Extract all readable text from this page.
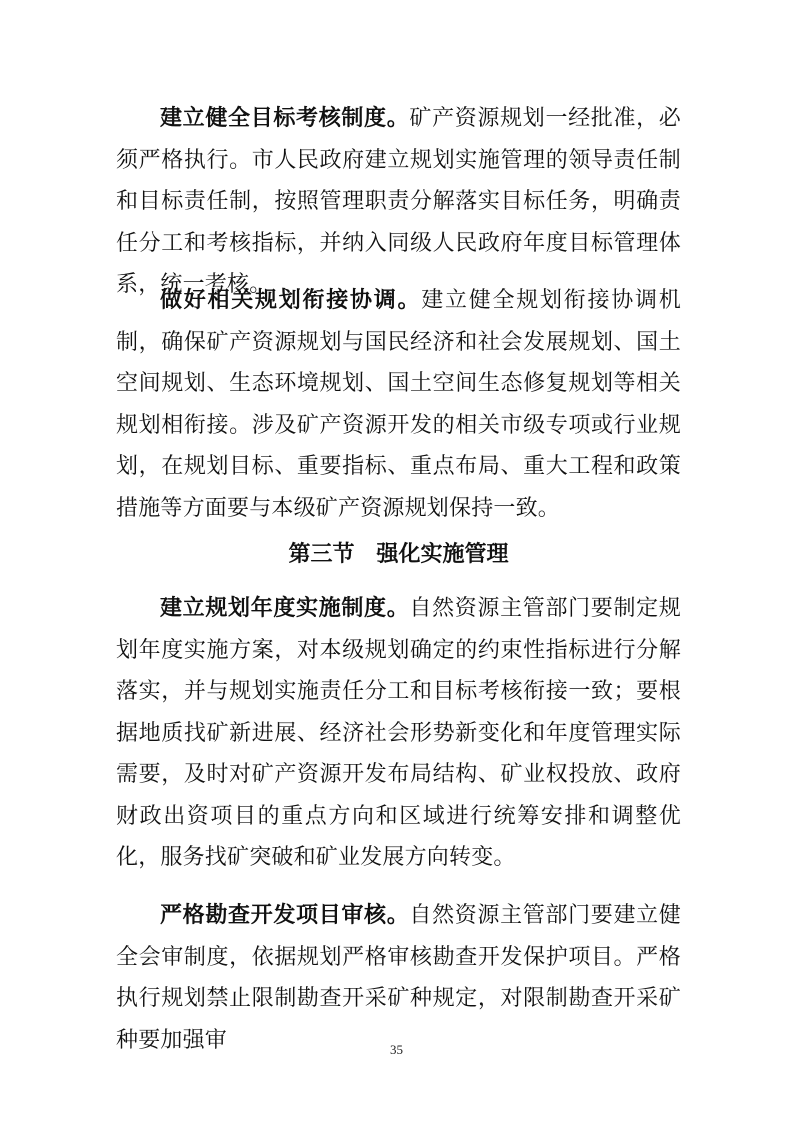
建立健全目标考核制度。矿产资源规划一经批准，必须严格执行。市人民政府建立规划实施管理的领导责任制和目标责任制，按照管理职责分解落实目标任务，明确责任分工和考核指标，并纳入同级人民政府年度目标管理体系，统一考核。

做好相关规划衔接协调。建立健全规划衔接协调机制，确保矿产资源规划与国民经济和社会发展规划、国土空间规划、生态环境规划、国土空间生态修复规划等相关规划相衔接。涉及矿产资源开发的相关市级专项或行业规划，在规划目标、重要指标、重点布局、重大工程和政策措施等方面要与本级矿产资源规划保持一致。

第三节 强化实施管理

建立规划年度实施制度。自然资源主管部门要制定规划年度实施方案，对本级规划确定的约束性指标进行分解落实，并与规划实施责任分工和目标考核衔接一致；要根据地质找矿新进展、经济社会形势新变化和年度管理实际需要，及时对矿产资源开发布局结构、矿业权投放、政府财政出资项目的重点方向和区域进行统筹安排和调整优化，服务找矿突破和矿业发展方向转变。

严格勘查开发项目审核。自然资源主管部门要建立健全会审制度，依据规划严格审核勘查开发保护项目。严格执行规划禁止限制勘查开采矿种规定，对限制勘查开采矿种要加强审	35
